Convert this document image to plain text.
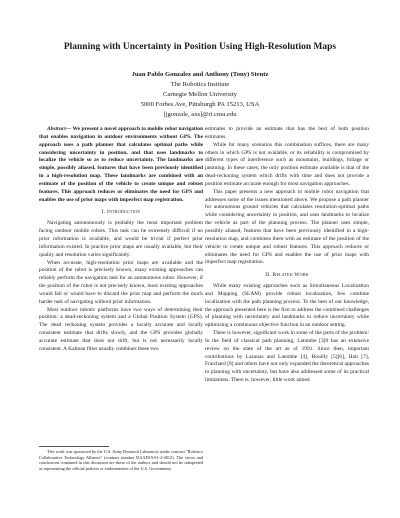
Planning with Uncertainty in Position Using High-Resolution Maps
Juan Pablo Gonzalez and Anthony (Tony) Stentz
The Robotics Institute
Carnegie Mellon University
5000 Forbes Ave, Pittsburgh PA 15213, USA
[jgonzale, axs]@ri.cmu.edu
Abstract— We present a novel approach to mobile robot navigation that enables navigation in outdoor environments without GPS. The approach uses a path planner that calculates optimal paths while considering uncertainty in position, and that uses landmarks to localize the vehicle so as to reduce uncertainty. The landmarks are simple, possibly aliased, features that have been previously identified in a high-resolution map. These landmarks are combined with an estimate of the position of the vehicle to create unique and robust features. This approach reduces or eliminates the need for GPS and enables the use of prior maps with imperfect map registration.
I. Introduction
Navigating autonomously is probably the most important problem facing outdoor mobile robots. This task can be extremely difficult if no prior information is available, and would be trivial if perfect prior information existed. In practice prior maps are usually available, but their quality and resolution varies significantly.
When accurate, high-resolution prior maps are available and the position of the robot is precisely known, many existing approaches can reliably perform the navigation task for an autonomous robot. However, if the position of the robot is not precisely known, most existing approaches would fail or would have to discard the prior map and perform the much harder task of navigating without prior information.
Most outdoor robotic platforms have two ways of determining their position: a dead-reckoning system and a Global Position System (GPS). The dead reckoning system provides a locally accurate and locally consistent estimate that drifts slowly, and the GPS provides globally accurate estimate that does not drift, but is not necessarily locally consistent. A Kalman filter usually combines these two
This work was sponsored by the U.S. Army Research Laboratory under contract "Robotics Collaborative Technology Alliance" (contract number DAAD19-01-2-0012). The views and conclusions contained in this document are those of the authors and should not be interpreted as representing the official policies or endorsements of the U.S. Government.
estimates to provide an estimate that has the best of both position estimates.
While for many scenarios this combination suffices, there are many others in which GPS is not available, or its reliability is compromised by different types of interference such as mountains, buildings, foliage or jamming. In these cases, the only position estimate available is that of the dead-reckoning system which drifts with time and does not provide a position estimate accurate enough for most navigation approaches.
This paper presents a new approach to mobile robot navigation that addresses some of the issues mentioned above. We propose a path planner for autonomous ground vehicles that calculates resolution-optimal paths while considering uncertainty in position, and uses landmarks to localize the vehicle as part of the planning process. The planner uses simple, possibly aliased, features that have been previously identified in a high-resolution map, and combines them with an estimate of the position of the vehicle to create unique and robust features. This approach reduces or eliminates the need for GPS and enables the use of prior maps with imperfect map registration.
II. Related Work
While many existing approaches such as Simultaneous Localization and Mapping (SLAM) provide robust localization, few combine localization with the path planning process. To the best of our knowledge, the approach presented here is the first to address the combined challenges of planning with uncertainty and landmarks to reduce uncertainty while optimizing a continuous objective function in an outdoor setting.
There is however, significant work in some of the parts of the problem: In the field of classical path planning, Latombe [3]0 has an extensive review on the state of the art as of 1991. Since then, important contributions by Lazanas and Latombe [4], Bouilly [5][6], Hait [7], Fraichard [8] and others have not only expanded the theoretical approaches to planning with uncertainty, but have also addressed some of its practical limitations. There is, however, little work aimed
